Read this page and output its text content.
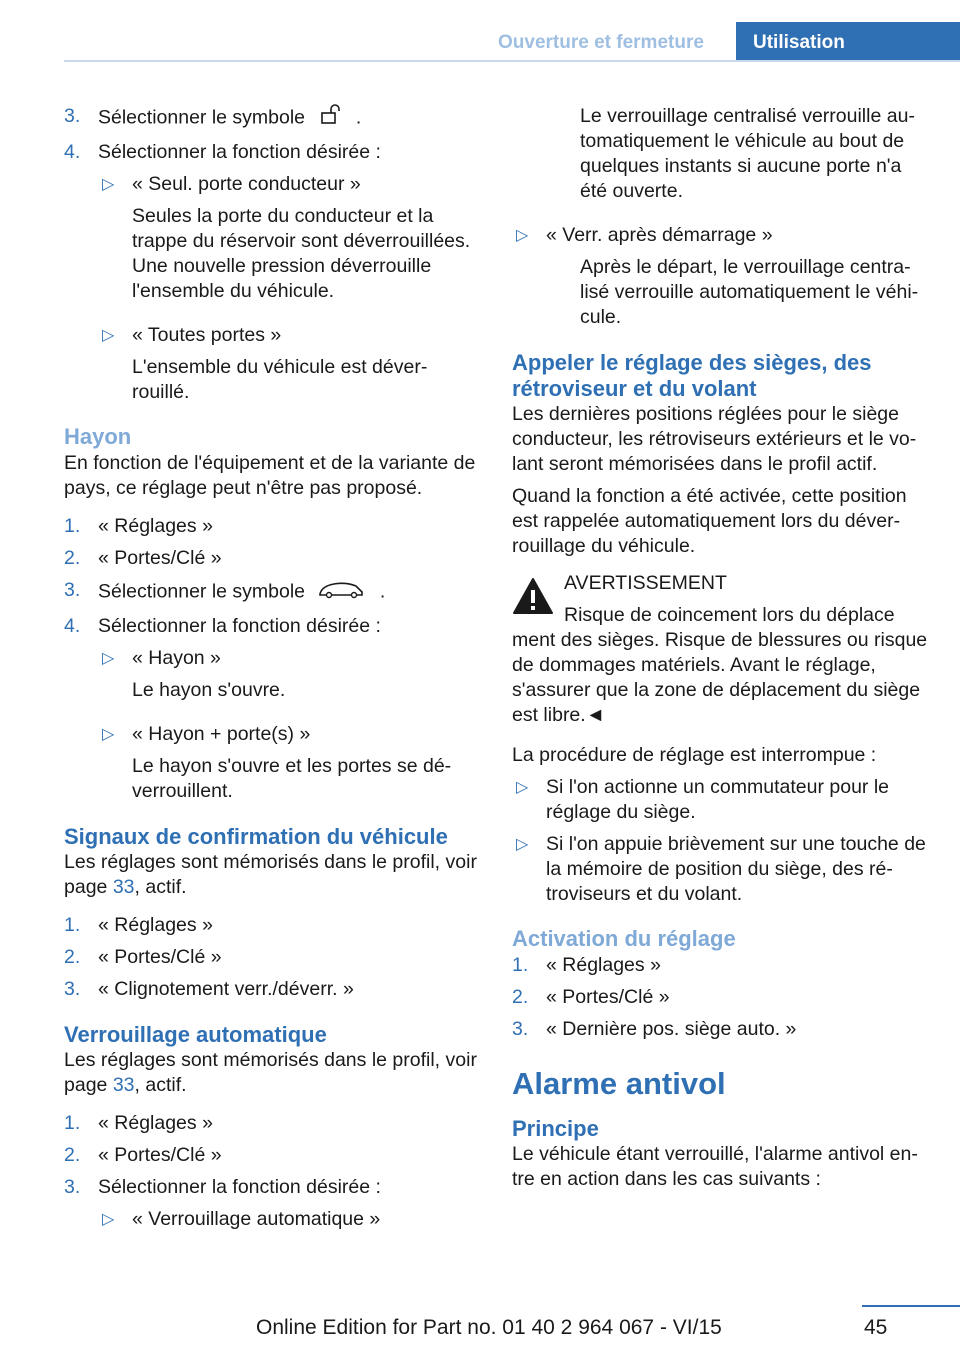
Ouverture et fermeture	Utilisation
3. Sélectionner le symbole	.
4. Sélectionner la fonction désirée :
▷ « Seul. porte conducteur »
Seules la porte du conducteur et la trappe du réservoir sont déverrouillées. Une nouvelle pression déverrouille l'ensemble du véhicule.
▷ « Toutes portes »
L'ensemble du véhicule est déverrouillé.
Hayon

En fonction de l'équipement et de la variante de pays, ce réglage peut n'être pas proposé.

1. « Réglages »
2. « Portes/Clé »
3. Sélectionner le symbole	.
4. Sélectionner la fonction désirée :
▷ « Hayon »
Le hayon s'ouvre.
▷ « Hayon + porte(s) »
Le hayon s'ouvre et les portes se déverrouillent.
Signaux de confirmation du véhicule

Les réglages sont mémorisés dans le profil, voir page 33, actif.

1. « Réglages »
2. « Portes/Clé »
3. « Clignotement verr./déverr. »
Verrouillage automatique

Les réglages sont mémorisés dans le profil, voir page 33, actif.

1. « Réglages »
2. « Portes/Clé »
3. Sélectionner la fonction désirée :
▷ « Verrouillage automatique »
Le verrouillage centralisé verrouille automatiquement le véhicule au bout de quelques instants si aucune porte n'a été ouverte.
▷ « Verr. après démarrage »
Après le départ, le verrouillage centralisé verrouille automatiquement le véhicule.
Appeler le réglage des sièges, des rétroviseur et du volant

Les dernières positions réglées pour le siège conducteur, les rétroviseurs extérieurs et le volant seront mémorisées dans le profil actif.

Quand la fonction a été activée, cette position est rappelée automatiquement lors du déverrouillage du véhicule.

AVERTISSEMENT
Risque de coincement lors du déplace

ment des sièges. Risque de blessures ou risque de dommages matériels. Avant le réglage, s'assurer que la zone de déplacement du siège est libre.◄

La procédure de réglage est interrompue :

▷ Si l'on actionne un commutateur pour le réglage du siège.
▷ Si l'on appuie brièvement sur une touche de la mémoire de position du siège, des rétroviseurs et du volant.
Activation du réglage
1. « Réglages »
2. « Portes/Clé »
3. « Dernière pos. siège auto. »
Alarme antivol
Principe

Le véhicule étant verrouillé, l'alarme antivol entre en action dans les cas suivants :

45
Online Edition for Part no. 01 40 2 964 067 - VI/15
